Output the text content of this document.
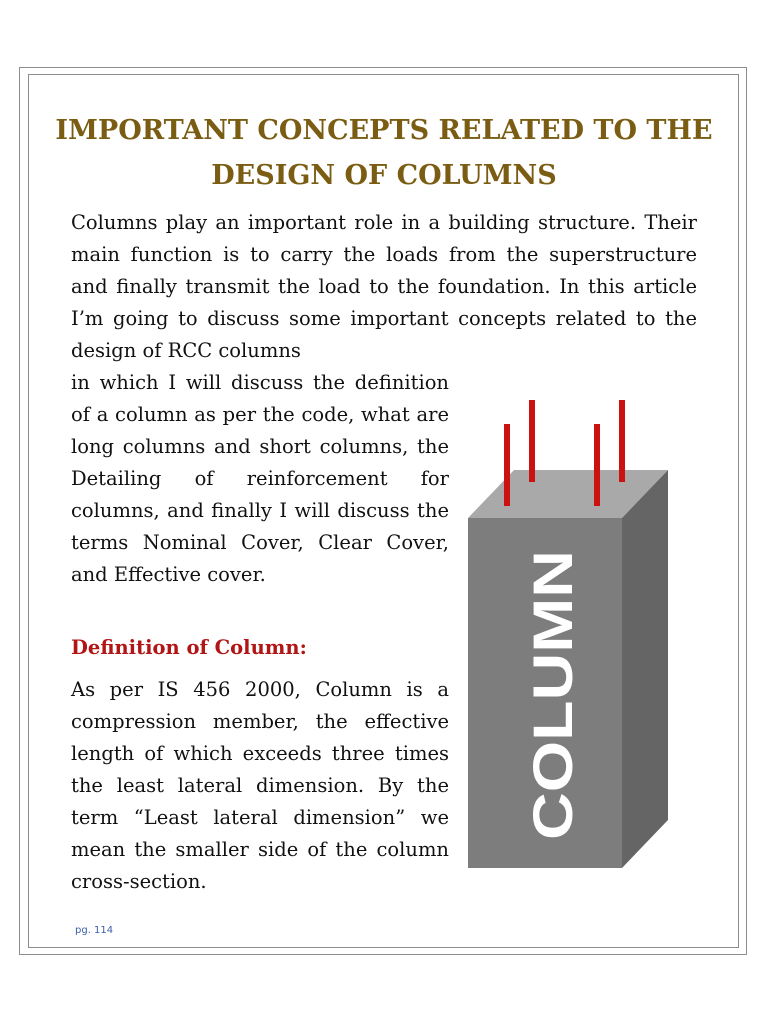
IMPORTANT CONCEPTS RELATED TO THE DESIGN OF COLUMNS

Columns play an important role in a building structure. Their main function is to carry the loads from the superstructure and finally transmit the load to the foundation. In this article I’m going to discuss some important concepts related to the design of RCC columns

in which I will discuss the definition of a column as per the code, what are long columns and short columns, the Detailing of reinforcement for columns, and finally I will discuss the terms Nominal Cover, Clear Cover, and Effective cover.

Definition of Column:

As per IS 456 2000, Column is a compression member, the effective length of which exceeds three times the least lateral dimension. By the term “Least lateral dimension” we mean the smaller side of the column cross-section.

COLUMN
pg. 114
